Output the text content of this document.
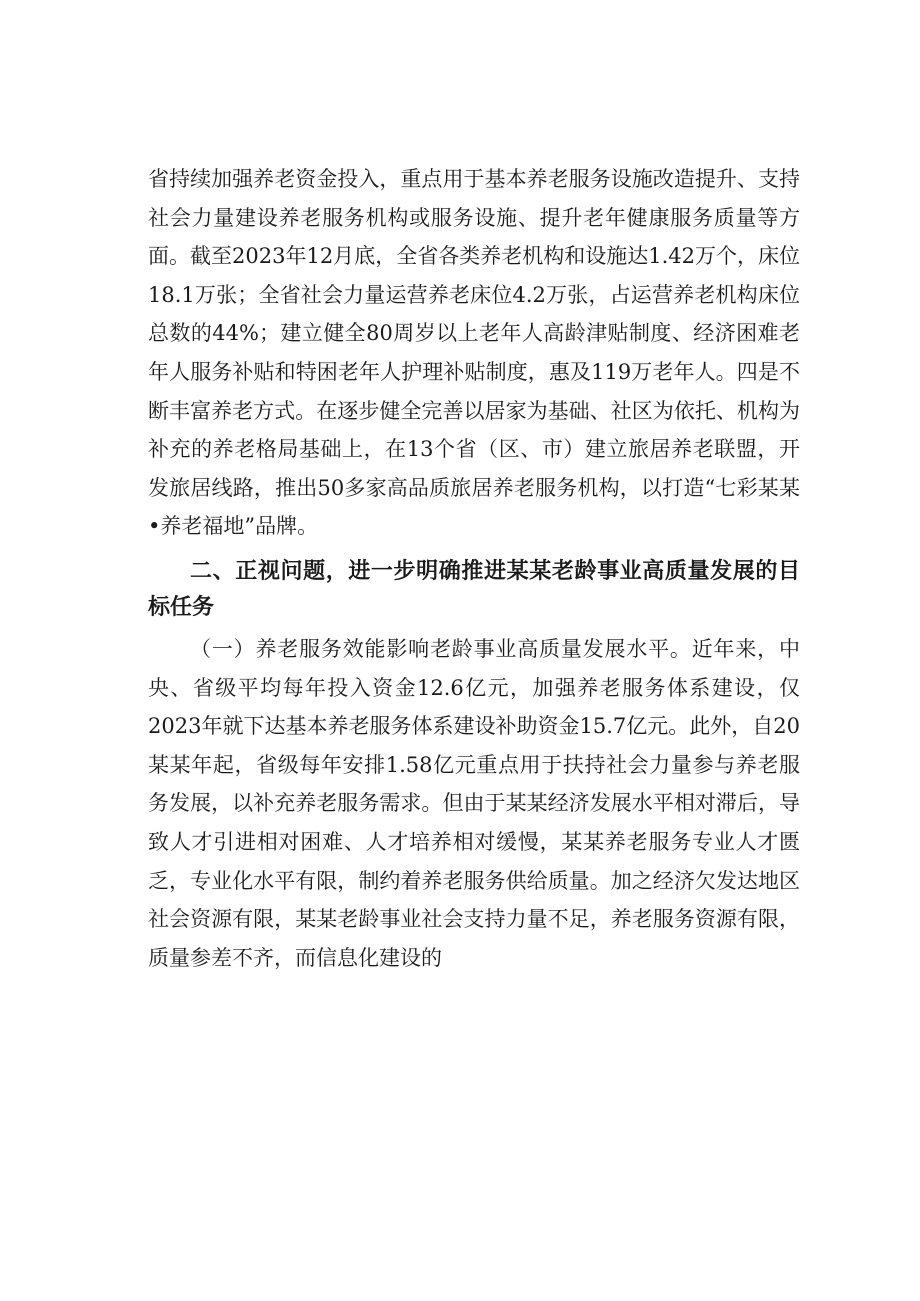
省持续加强养老资金投入，重点用于基本养老服务设施改造提升、支持社会力量建设养老服务机构或服务设施、提升老年健康服务质量等方面。截至2023年12月底，全省各类养老机构和设施达1.42万个，床位18.1万张；全省社会力量运营养老床位4.2万张，占运营养老机构床位总数的44%；建立健全80周岁以上老年人高龄津贴制度、经济困难老年人服务补贴和特困老年人护理补贴制度，惠及119万老年人。四是不断丰富养老方式。在逐步健全完善以居家为基础、社区为依托、机构为补充的养老格局基础上，在13个省（区、市）建立旅居养老联盟，开发旅居线路，推出50多家高品质旅居养老服务机构，以打造“七彩某某•养老福地”品牌。

二、正视问题，进一步明确推进某某老龄事业高质量发展的目标任务

（一）养老服务效能影响老龄事业高质量发展水平。近年来，中央、省级平均每年投入资金12.6亿元，加强养老服务体系建设，仅2023年就下达基本养老服务体系建设补助资金15.7亿元。此外，自20某某年起，省级每年安排1.58亿元重点用于扶持社会力量参与养老服务发展，以补充养老服务需求。但由于某某经济发展水平相对滞后，导致人才引进相对困难、人才培养相对缓慢，某某养老服务专业人才匮乏，专业化水平有限，制约着养老服务供给质量。加之经济欠发达地区社会资源有限，某某老龄事业社会支持力量不足，养老服务资源有限，质量参差不齐，而信息化建设的
